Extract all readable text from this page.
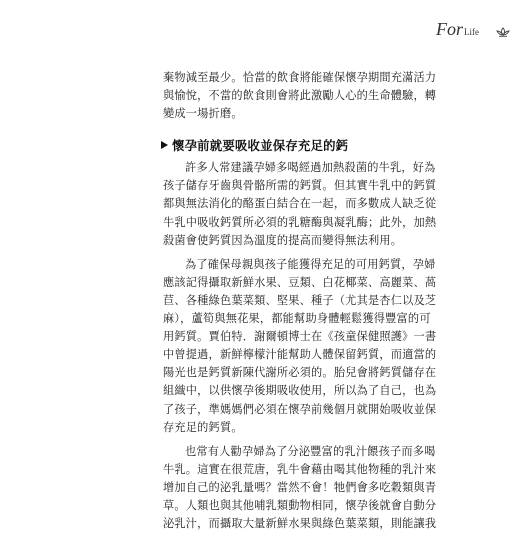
ForLife
棄物減至最少。恰當的飲食將能確保懷孕期間充滿活力
與愉悅，不當的飲食則會將此激勵人心的生命體驗，轉
變成一場折磨。
懷孕前就要吸收並保存充足的鈣
許多人常建議孕婦多喝經過加熱殺菌的牛乳，好為
孩子儲存牙齒與骨骼所需的鈣質。但其實牛乳中的鈣質
都與無法消化的酪蛋白結合在一起，而多數成人缺乏從
牛乳中吸收鈣質所必須的乳糖酶與凝乳酶；此外，加熱
殺菌會使鈣質因為溫度的提高而變得無法利用。
為了確保母親與孩子能獲得充足的可用鈣質，孕婦
應該記得攝取新鮮水果、豆類、白花椰菜、高麗菜、萵
苣、各種綠色葉菜類、堅果、種子（尤其是杏仁以及芝
麻），蘆筍與無花果，都能幫助身體輕鬆獲得豐富的可
用鈣質。賈伯特．謝爾頓博士在《孩童保健照護》一書
中曾提過，新鮮檸檬汁能幫助人體保留鈣質，而適當的
陽光也是鈣質新陳代謝所必須的。胎兒會將鈣質儲存在
組織中，以供懷孕後期吸收使用，所以為了自己，也為
了孩子，準媽媽們必須在懷孕前幾個月就開始吸收並保
存充足的鈣質。
也常有人勸孕婦為了分泌豐富的乳汁餵孩子而多喝
牛乳。這實在很荒唐，乳牛會藉由喝其他物種的乳汁來
增加自己的泌乳量嗎？當然不會！牠們會多吃穀類與青
草。人類也與其他哺乳類動物相同，懷孕後就會自動分
泌乳汁，而攝取大量新鮮水果與綠色葉菜類，則能讓我
